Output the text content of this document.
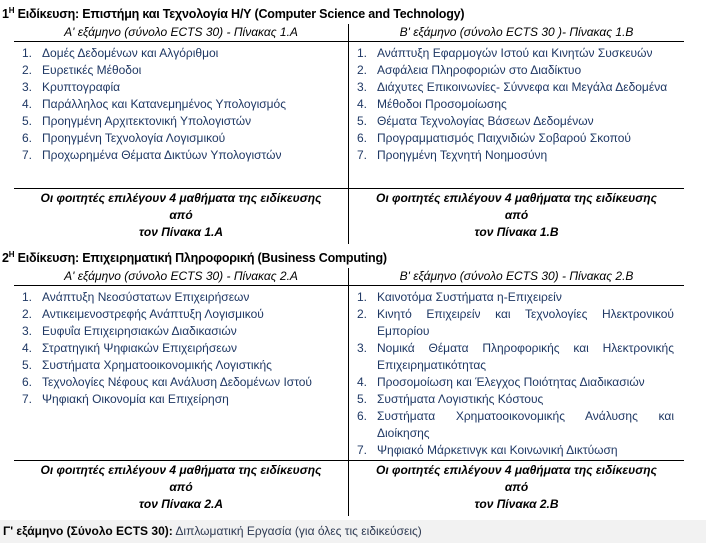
$1^H$ Ειδίκευση: Επιστήμη και Τεχνολογία Η/Υ (Computer Science and Technology)
Α' εξάμηνο (σύνολο ECTS 30) - Πίνακας 1.Α
1. Δομές Δεδομένων και Αλγόριθμοι
2. Ευρετικές Μέθοδοι
3. Κρυπτογραφία
4. Παράλληλος και Κατανεμημένος Υπολογισμός
5. Προηγμένη Αρχιτεκτονική Υπολογιστών
6. Προηγμένη Τεχνολογία Λογισμικού
7. Προχωρημένα Θέματα Δικτύων Υπολογιστών
Οι φοιτητές επιλέγουν 4 μαθήματα της ειδίκευσης από
τον Πίνακα 1.Α
Β' εξάμηνο (σύνολο ECTS 30 )- Πίνακας 1.Β
1. Ανάπτυξη Εφαρμογών Ιστού και Κινητών Συσκευών
2. Ασφάλεια Πληροφοριών στο Διαδίκτυο
3. Διάχυτες Επικοινωνίες- Σύννεφα και Μεγάλα Δεδομένα
4. Μέθοδοι Προσομοίωσης
5. Θέματα Τεχνολογίας Βάσεων Δεδομένων
6. Προγραμματισμός Παιχνιδιών Σοβαρού Σκοπού
7. Προηγμένη Τεχνητή Νοημοσύνη
Οι φοιτητές επιλέγουν 4 μαθήματα της ειδίκευσης από
τον Πίνακα 1.Β
$2^H$ Ειδίκευση: Επιχειρηματική Πληροφορική (Business Computing)
Α' εξάμηνο (σύνολο ECTS 30) - Πίνακας 2.Α
1. Ανάπτυξη Νεοσύστατων Επιχειρήσεων
2. Αντικειμενοστρεφής Ανάπτυξη Λογισμικού
3. Ευφυΐα Επιχειρησιακών Διαδικασιών
4. Στρατηγική Ψηφιακών Επιχειρήσεων
5. Συστήματα Χρηματοοικονομικής Λογιστικής
6. Τεχνολογίες Νέφους και Ανάλυση Δεδομένων Ιστού
7. Ψηφιακή Οικονομία και Επιχείρηση
Οι φοιτητές επιλέγουν 4 μαθήματα της ειδίκευσης από
τον Πίνακα 2.Α
Β' εξάμηνο (σύνολο ECTS 30) - Πίνακας 2.Β
1. Καινοτόμα Συστήματα η-Επιχειρείν
2. Κινητό Επιχειρείν και Τεχνολογίες Ηλεκτρονικού Εμπορίου
3. Νομικά Θέματα Πληροφορικής και Ηλεκτρονικής Επιχειρηματικότητας
4. Προσομοίωση και Έλεγχος Ποιότητας Διαδικασιών
5. Συστήματα Λογιστικής Κόστους
6. Συστήματα Χρηματοοικονομικής Ανάλυσης και Διοίκησης
7. Ψηφιακό Μάρκετινγκ και Κοινωνική Δικτύωση
Οι φοιτητές επιλέγουν 4 μαθήματα της ειδίκευσης από
τον Πίνακα 2.Β
Γ' εξάμηνο (Σύνολο ECTS 30): Διπλωματική Εργασία (για όλες τις ειδικεύσεις)
